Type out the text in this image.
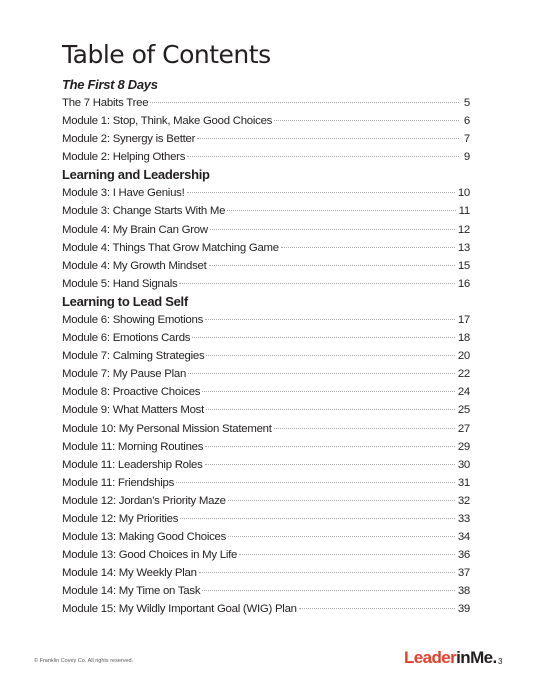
Table of Contents
The First 8 Days
The 7 Habits Tree	5
Module 1: Stop, Think, Make Good Choices	6
Module 2: Synergy is Better	7
Module 2: Helping Others	9
Learning and Leadership
Module 3: I Have Genius!	10
Module 3: Change Starts With Me	11
Module 4: My Brain Can Grow	12
Module 4: Things That Grow Matching Game	13
Module 4: My Growth Mindset	15
Module 5: Hand Signals	16
Learning to Lead Self
Module 6: Showing Emotions	17
Module 6: Emotions Cards	18
Module 7: Calming Strategies	20
Module 7: My Pause Plan	22
Module 8: Proactive Choices	24
Module 9: What Matters Most	25
Module 10: My Personal Mission Statement	27
Module 11: Morning Routines	29
Module 11: Leadership Roles	30
Module 11: Friendships	31
Module 12: Jordan’s Priority Maze	32
Module 12: My Priorities	33
Module 13: Making Good Choices	34
Module 13: Good Choices in My Life	36
Module 14: My Weekly Plan	37
Module 14: My Time on Task	38
Module 15: My Wildly Important Goal (WIG) Plan	39
© Franklin Covey Co. All rights reserved.	LeaderinMe. 3
